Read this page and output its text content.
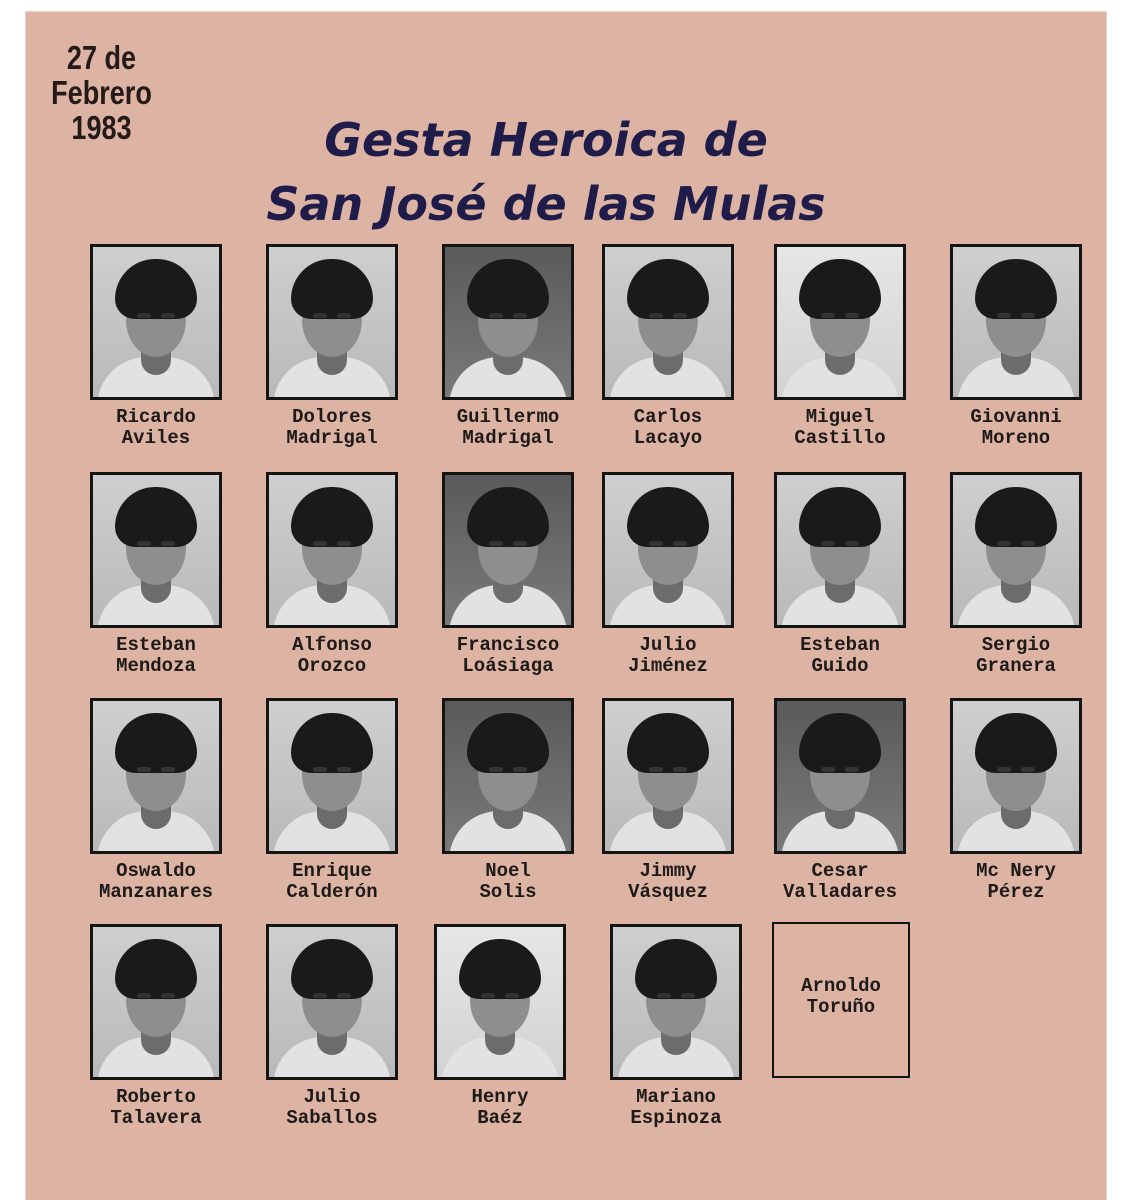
27 de
Febrero
1983	Gesta Heroica de
San José de las Mulas
Ricardo
Aviles
Dolores
Madrigal
Guillermo
Madrigal
Carlos
Lacayo
Miguel
Castillo
Giovanni
Moreno
Esteban
Mendoza
Alfonso
Orozco
Francisco
Loásiaga
Julio
Jiménez
Esteban
Guido
Sergio
Granera
Oswaldo
Manzanares
Enrique
Calderón
Noel
Solis
Jimmy
Vásquez
Cesar
Valladares
Mc Nery
Pérez
Roberto
Talavera
Julio
Saballos
Henry
Baéz
Mariano
Espinoza
Arnoldo
Toruño
